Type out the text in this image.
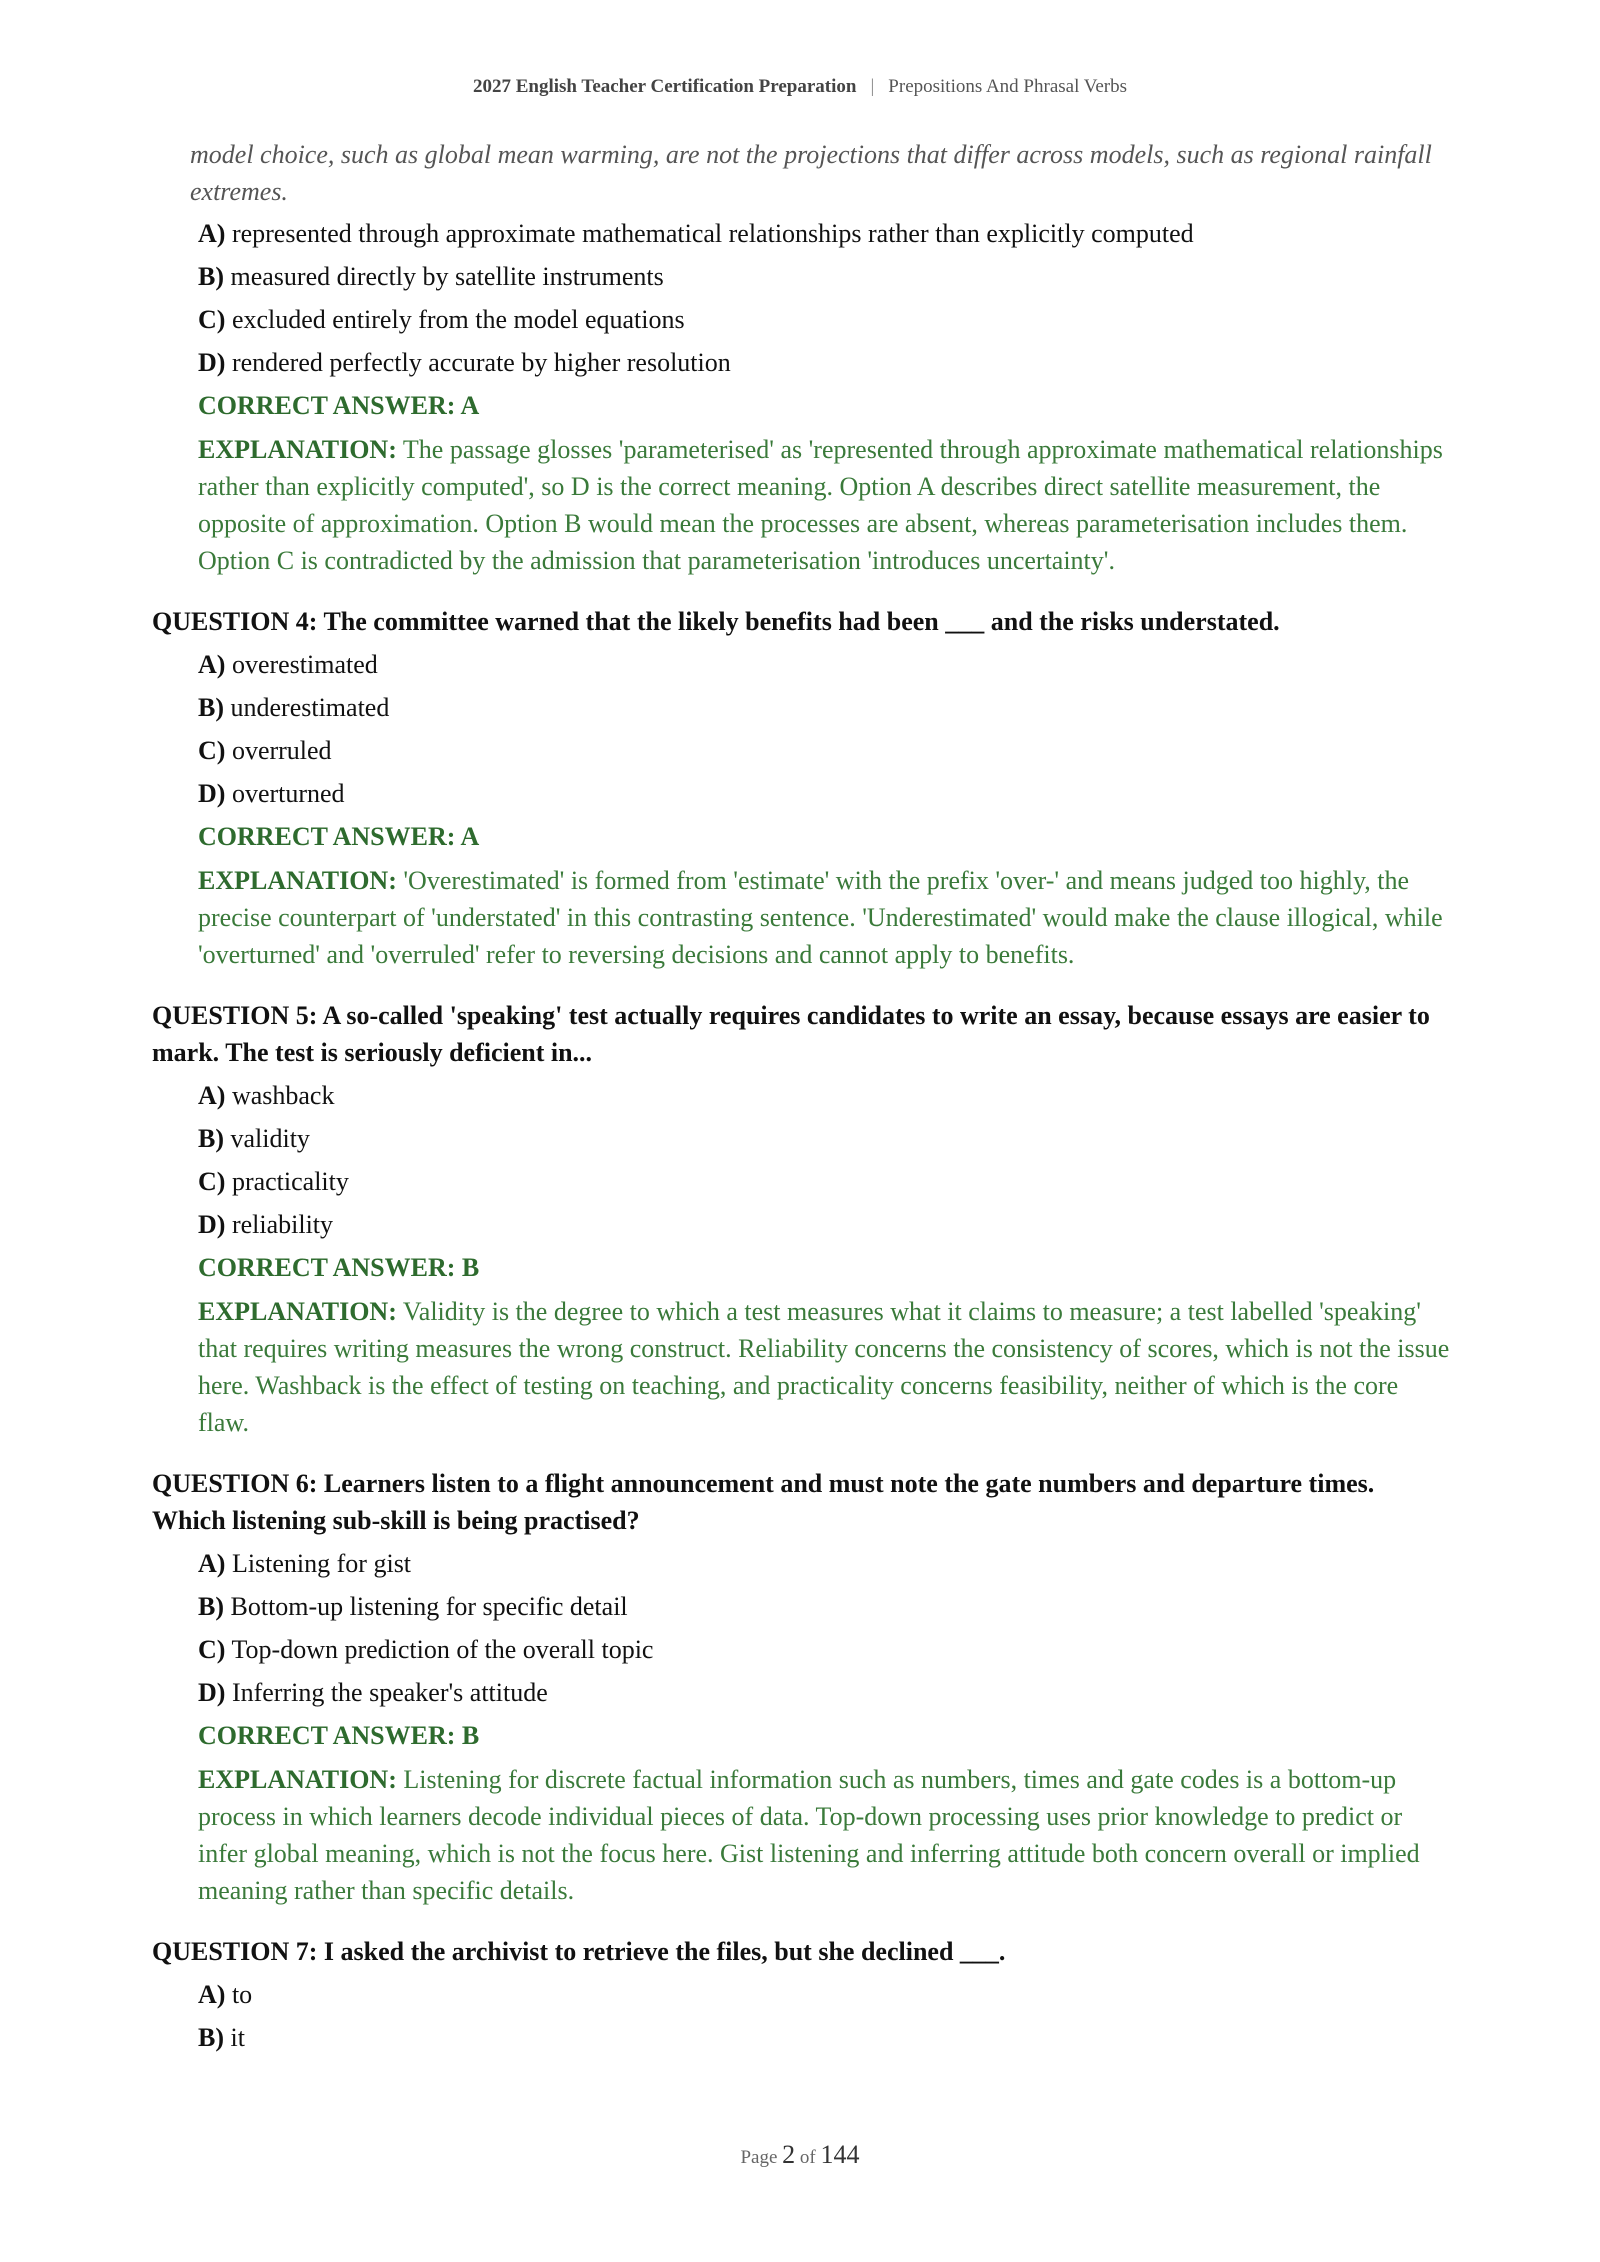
2027 English Teacher Certification Preparation | Prepositions And Phrasal Verbs
model choice, such as global mean warming, are not the projections that differ across models, such as regional rainfall extremes.
A) represented through approximate mathematical relationships rather than explicitly computed
B) measured directly by satellite instruments
C) excluded entirely from the model equations
D) rendered perfectly accurate by higher resolution
CORRECT ANSWER: A
EXPLANATION: The passage glosses 'parameterised' as 'represented through approximate mathematical relationships rather than explicitly computed', so D is the correct meaning. Option A describes direct satellite measurement, the opposite of approximation. Option B would mean the processes are absent, whereas parameterisation includes them. Option C is contradicted by the admission that parameterisation 'introduces uncertainty'.
QUESTION 4: The committee warned that the likely benefits had been ___ and the risks understated.
A) overestimated
B) underestimated
C) overruled
D) overturned
CORRECT ANSWER: A
EXPLANATION: 'Overestimated' is formed from 'estimate' with the prefix 'over-' and means judged too highly, the precise counterpart of 'understated' in this contrasting sentence. 'Underestimated' would make the clause illogical, while 'overturned' and 'overruled' refer to reversing decisions and cannot apply to benefits.
QUESTION 5: A so-called 'speaking' test actually requires candidates to write an essay, because essays are easier to mark. The test is seriously deficient in...
A) washback
B) validity
C) practicality
D) reliability
CORRECT ANSWER: B
EXPLANATION: Validity is the degree to which a test measures what it claims to measure; a test labelled 'speaking' that requires writing measures the wrong construct. Reliability concerns the consistency of scores, which is not the issue here. Washback is the effect of testing on teaching, and practicality concerns feasibility, neither of which is the core flaw.
QUESTION 6: Learners listen to a flight announcement and must note the gate numbers and departure times. Which listening sub-skill is being practised?
A) Listening for gist
B) Bottom-up listening for specific detail
C) Top-down prediction of the overall topic
D) Inferring the speaker's attitude
CORRECT ANSWER: B
EXPLANATION: Listening for discrete factual information such as numbers, times and gate codes is a bottom-up process in which learners decode individual pieces of data. Top-down processing uses prior knowledge to predict or infer global meaning, which is not the focus here. Gist listening and inferring attitude both concern overall or implied meaning rather than specific details.
QUESTION 7: I asked the archivist to retrieve the files, but she declined ___.
A) to
B) it
Page 2 of 144
